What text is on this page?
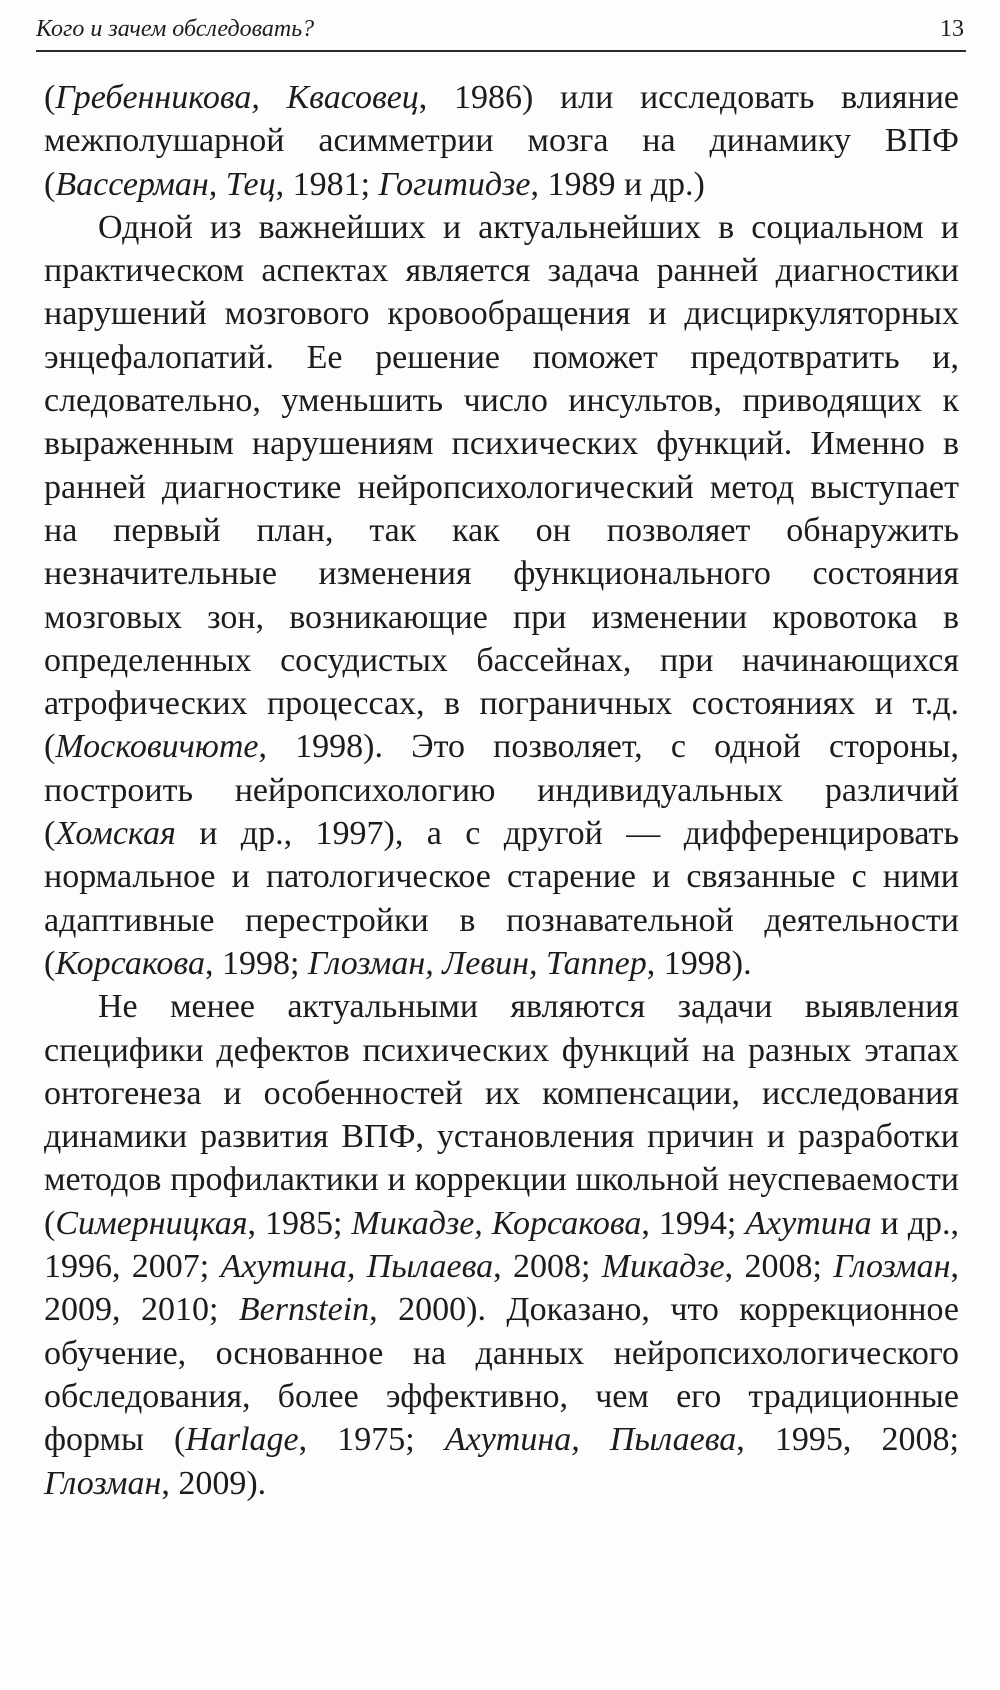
Кого и зачем обследовать?	13

(Гребенникова, Квасовец, 1986) или исследовать влияние межполушарной асимметрии мозга на динамику ВПФ (Вассерман, Тец, 1981; Гогитидзе, 1989 и др.)

Одной из важнейших и актуальнейших в социальном и практическом аспектах является задача ранней диагностики нарушений мозгового кровообращения и дисциркуляторных энцефалопатий. Ее решение поможет предотвратить и, следовательно, уменьшить число инсультов, приводящих к выраженным нарушениям психических функций. Именно в ранней диагностике нейропсихологический метод выступает на первый план, так как он позволяет обнаружить незначительные изменения функционального состояния мозговых зон, возникающие при изменении кровотока в определенных сосудистых бассейнах, при начинающихся атрофических процессах, в пограничных состояниях и т.д. (Московичюте, 1998). Это позволяет, с одной стороны, построить нейропсихологию индивидуальных различий (Хомская и др., 1997), а с другой — дифференцировать нормальное и патологическое старение и связанные с ними адаптивные перестройки в познавательной деятельности (Корсакова, 1998; Глозман, Левин, Таппер, 1998).

Не менее актуальными являются задачи выявления специфики дефектов психических функций на разных этапах онтогенеза и особенностей их компенсации, исследования динамики развития ВПФ, установления причин и разработки методов профилактики и коррекции школьной неуспеваемости (Симерницкая, 1985; Микадзе, Корсакова, 1994; Ахутина и др., 1996, 2007; Ахутина, Пылаева, 2008; Микадзе, 2008; Глозман, 2009, 2010; Bernstein, 2000). Доказано, что коррекционное обучение, основанное на данных нейропсихологического обследования, более эффективно, чем его традиционные формы (Harlage, 1975; Ахутина, Пылаева, 1995, 2008; Глозман, 2009).
